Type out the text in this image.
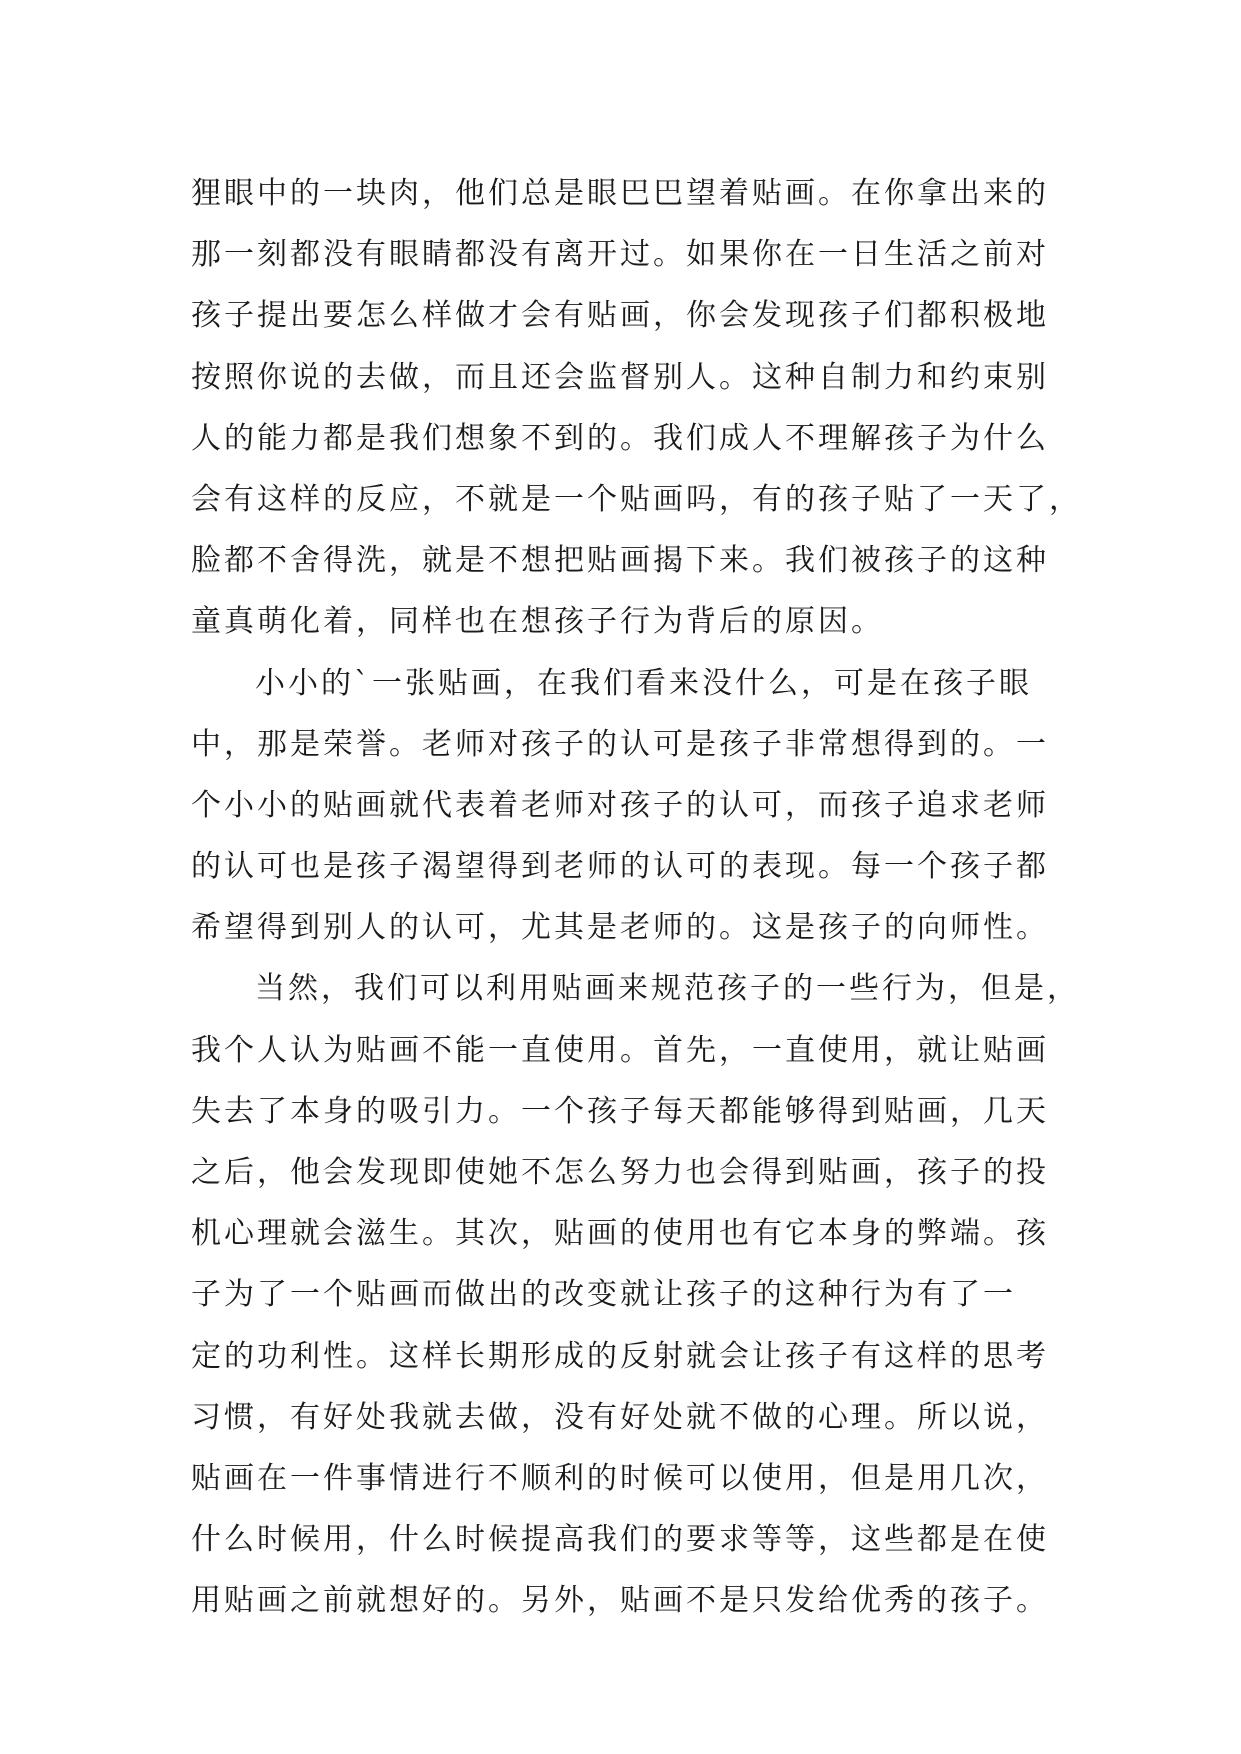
狸眼中的一块肉，他们总是眼巴巴望着贴画。在你拿出来的
那一刻都没有眼睛都没有离开过。如果你在一日生活之前对
孩子提出要怎么样做才会有贴画，你会发现孩子们都积极地
按照你说的去做，而且还会监督别人。这种自制力和约束别
人的能力都是我们想象不到的。我们成人不理解孩子为什么
会有这样的反应，不就是一个贴画吗，有的孩子贴了一天了，
脸都不舍得洗，就是不想把贴画揭下来。我们被孩子的这种
童真萌化着，同样也在想孩子行为背后的原因。
小小的`一张贴画，在我们看来没什么，可是在孩子眼
中，那是荣誉。老师对孩子的认可是孩子非常想得到的。一
个小小的贴画就代表着老师对孩子的认可，而孩子追求老师
的认可也是孩子渴望得到老师的认可的表现。每一个孩子都
希望得到别人的认可，尤其是老师的。这是孩子的向师性。
当然，我们可以利用贴画来规范孩子的一些行为，但是，
我个人认为贴画不能一直使用。首先，一直使用，就让贴画
失去了本身的吸引力。一个孩子每天都能够得到贴画，几天
之后，他会发现即使她不怎么努力也会得到贴画，孩子的投
机心理就会滋生。其次，贴画的使用也有它本身的弊端。孩
子为了一个贴画而做出的改变就让孩子的这种行为有了一
定的功利性。这样长期形成的反射就会让孩子有这样的思考
习惯，有好处我就去做，没有好处就不做的心理。所以说，
贴画在一件事情进行不顺利的时候可以使用，但是用几次，
什么时候用，什么时候提高我们的要求等等，这些都是在使
用贴画之前就想好的。另外，贴画不是只发给优秀的孩子。
